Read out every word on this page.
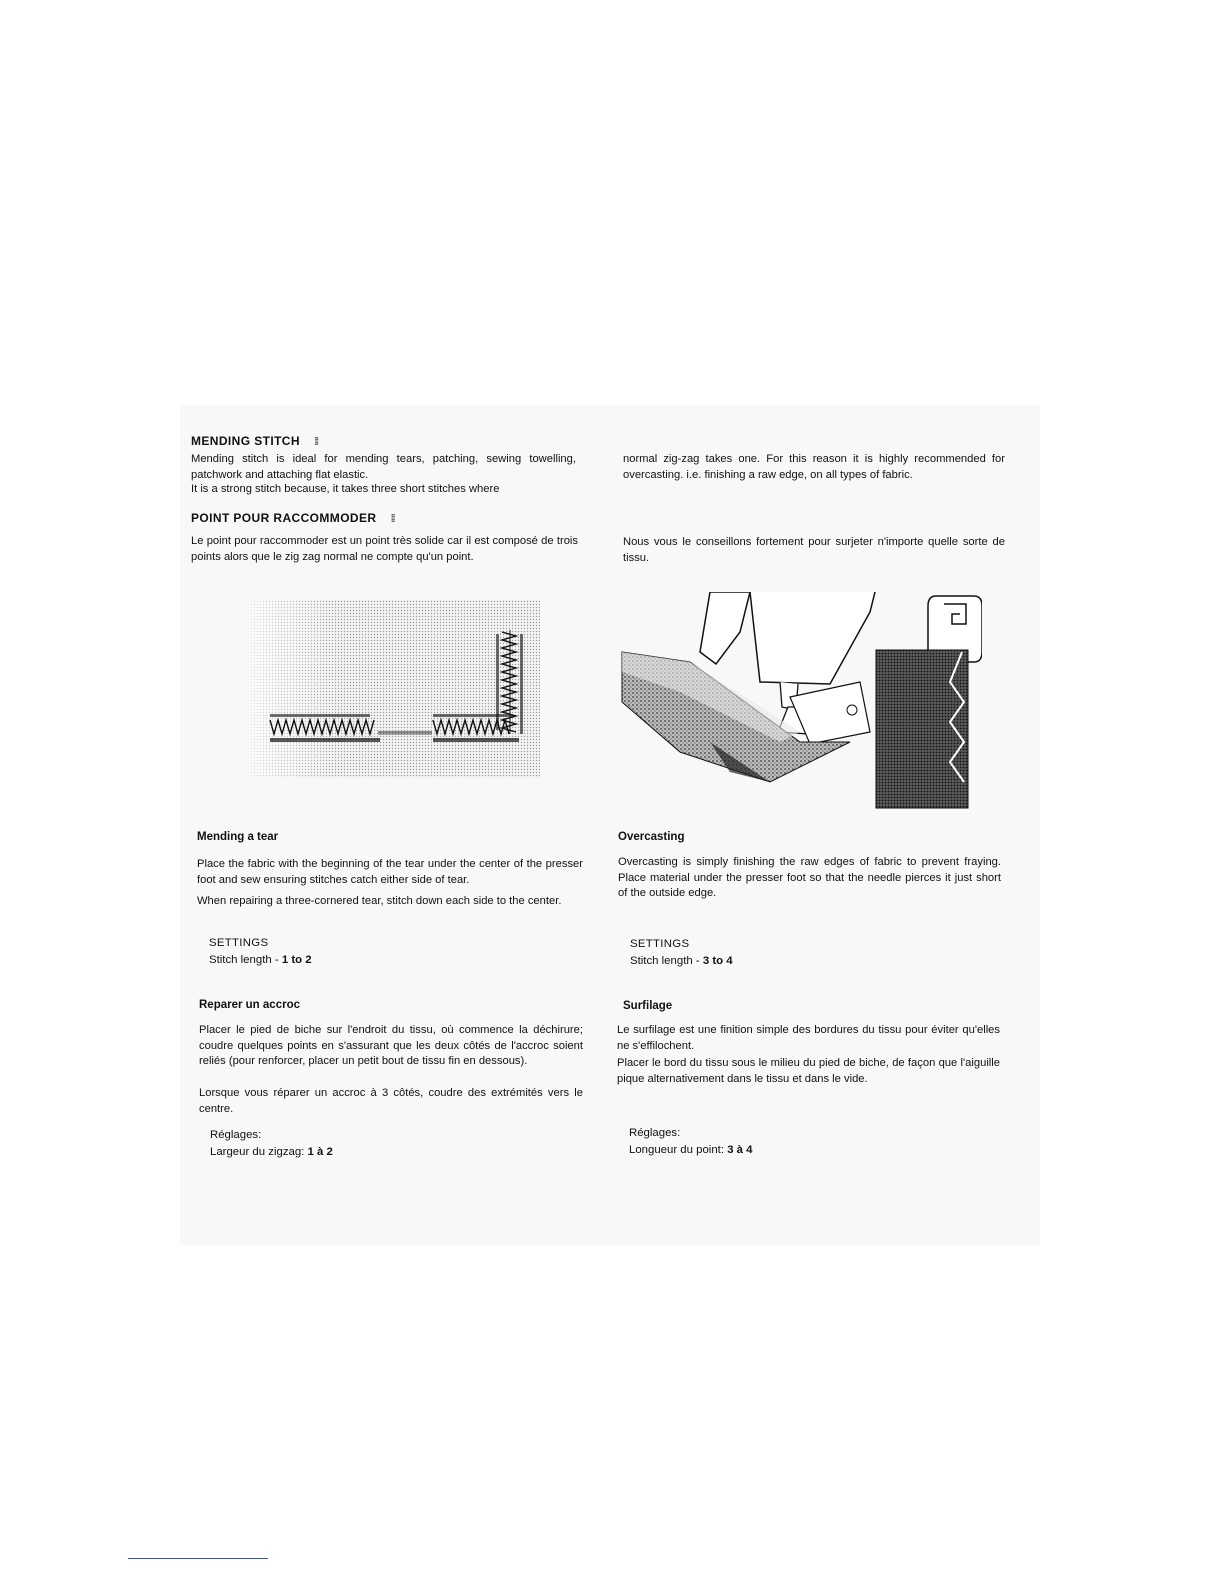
MENDING STITCH ⁞⁞

Mending stitch is ideal for mending tears, patching, sewing towelling, patchwork and attaching flat elastic.

It is a strong stitch because, it takes three short stitches where

normal zig-zag takes one. For this reason it is highly recommended for overcasting. i.e. finishing a raw edge, on all types of fabric.

POINT POUR RACCOMMODER ⁞⁞

Le point pour raccommoder est un point très solide car il est composé de trois points alors que le zig zag normal ne compte qu'un point.

Nous vous le conseillons fortement pour surjeter n'importe quelle sorte de tissu.

Mending a tear

Place the fabric with the beginning of the tear under the center of the presser foot and sew ensuring stitches catch either side of tear.

When repairing a three-cornered tear, stitch down each side to the center.

SETTINGS
Stitch length - 1 to 2
Overcasting

Overcasting is simply finishing the raw edges of fabric to prevent fraying. Place material under the presser foot so that the needle pierces it just short of the outside edge.

SETTINGS
Stitch length - 3 to 4
Reparer un accroc

Placer le pied de biche sur l'endroit du tissu, où commence la déchirure; coudre quelques points en s'assurant que les deux côtés de l'accroc soient reliés (pour renforcer, placer un petit bout de tissu fin en dessous).

Lorsque vous réparer un accroc à 3 côtés, coudre des extrémités vers le centre.

Réglages:
Largeur du zigzag: 1 à 2
Surfilage

Le surfilage est une finition simple des bordures du tissu pour éviter qu'elles ne s'effilochent.

Placer le bord du tissu sous le milieu du pied de biche, de façon que l'aiguille pique alternativement dans le tissu et dans le vide.

Réglages:
Longueur du point: 3 à 4
